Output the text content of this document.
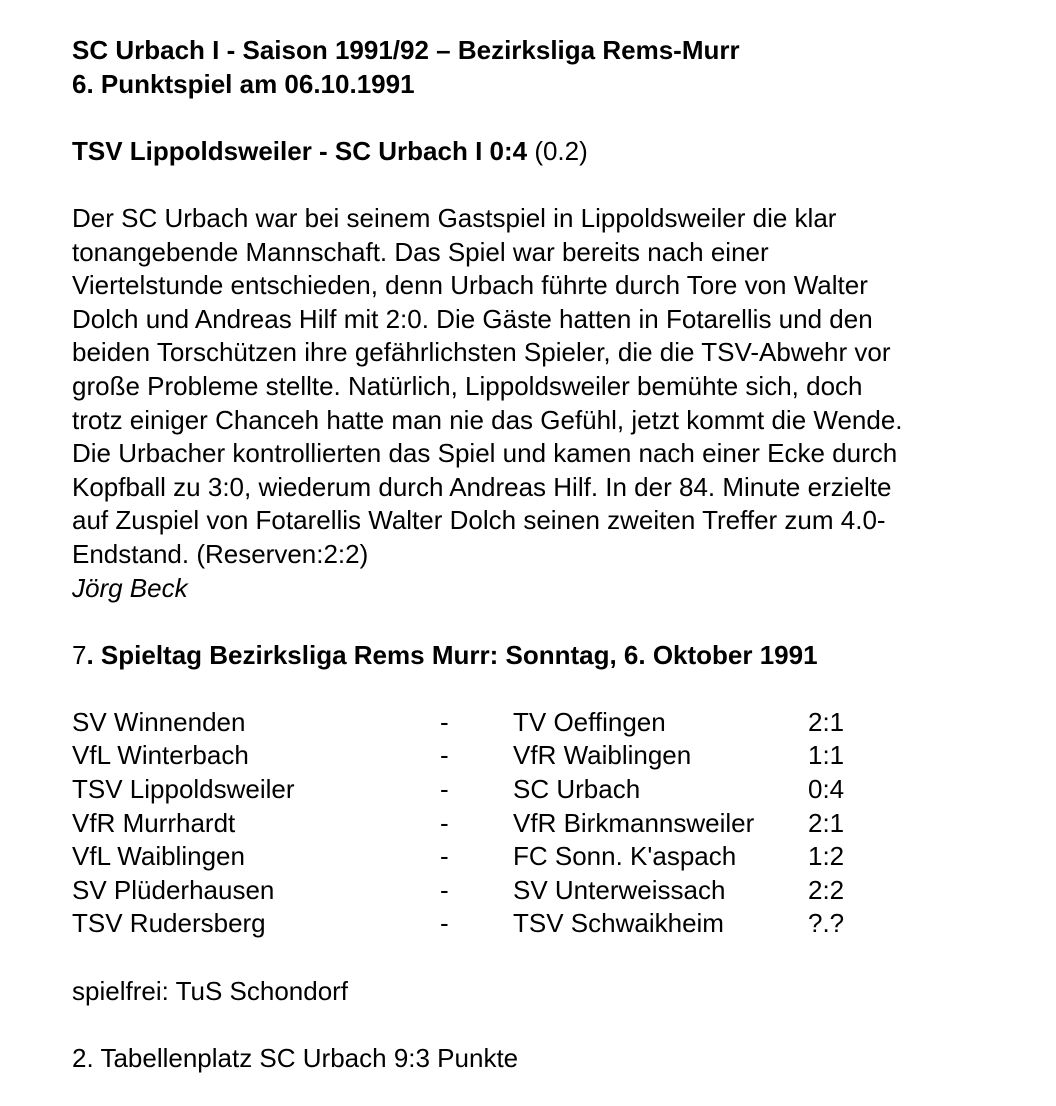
SC Urbach I - Saison 1991/92 – Bezirksliga Rems-Murr
6. Punktspiel am 06.10.1991
TSV Lippoldsweiler - SC Urbach I 0:4 (0.2)
Der SC Urbach war bei seinem Gastspiel in Lippoldsweiler die klar
tonangebende Mannschaft. Das Spiel war bereits nach einer
Viertelstunde entschieden, denn Urbach führte durch Tore von Walter
Dolch und Andreas Hilf mit 2:0. Die Gäste hatten in Fotarellis und den
beiden Torschützen ihre gefährlichsten Spieler, die die TSV-Abwehr vor
große Probleme stellte. Natürlich, Lippoldsweiler bemühte sich, doch
trotz einiger Chanceh hatte man nie das Gefühl, jetzt kommt die Wende.
Die Urbacher kontrollierten das Spiel und kamen nach einer Ecke durch
Kopfball zu 3:0, wiederum durch Andreas Hilf. In der 84. Minute erzielte
auf Zuspiel von Fotarellis Walter Dolch seinen zweiten Treffer zum 4.0-
Endstand. (Reserven:2:2)
Jörg Beck
7. Spieltag Bezirksliga Rems Murr: Sonntag, 6. Oktober 1991
SV Winnenden	- TV Oeffingen	2:1
VfL Winterbach	- VfR Waiblingen	1:1
TSV Lippoldsweiler	- SC Urbach	0:4
VfR Murrhardt	- VfR Birkmannsweiler 2:1
VfL Waiblingen	- FC Sonn. K'aspach	1:2
SV Plüderhausen	- SV Unterweissach	2:2
TSV Rudersberg	- TSV Schwaikheim	?.?
spielfrei: TuS Schondorf
2. Tabellenplatz SC Urbach 9:3 Punkte
